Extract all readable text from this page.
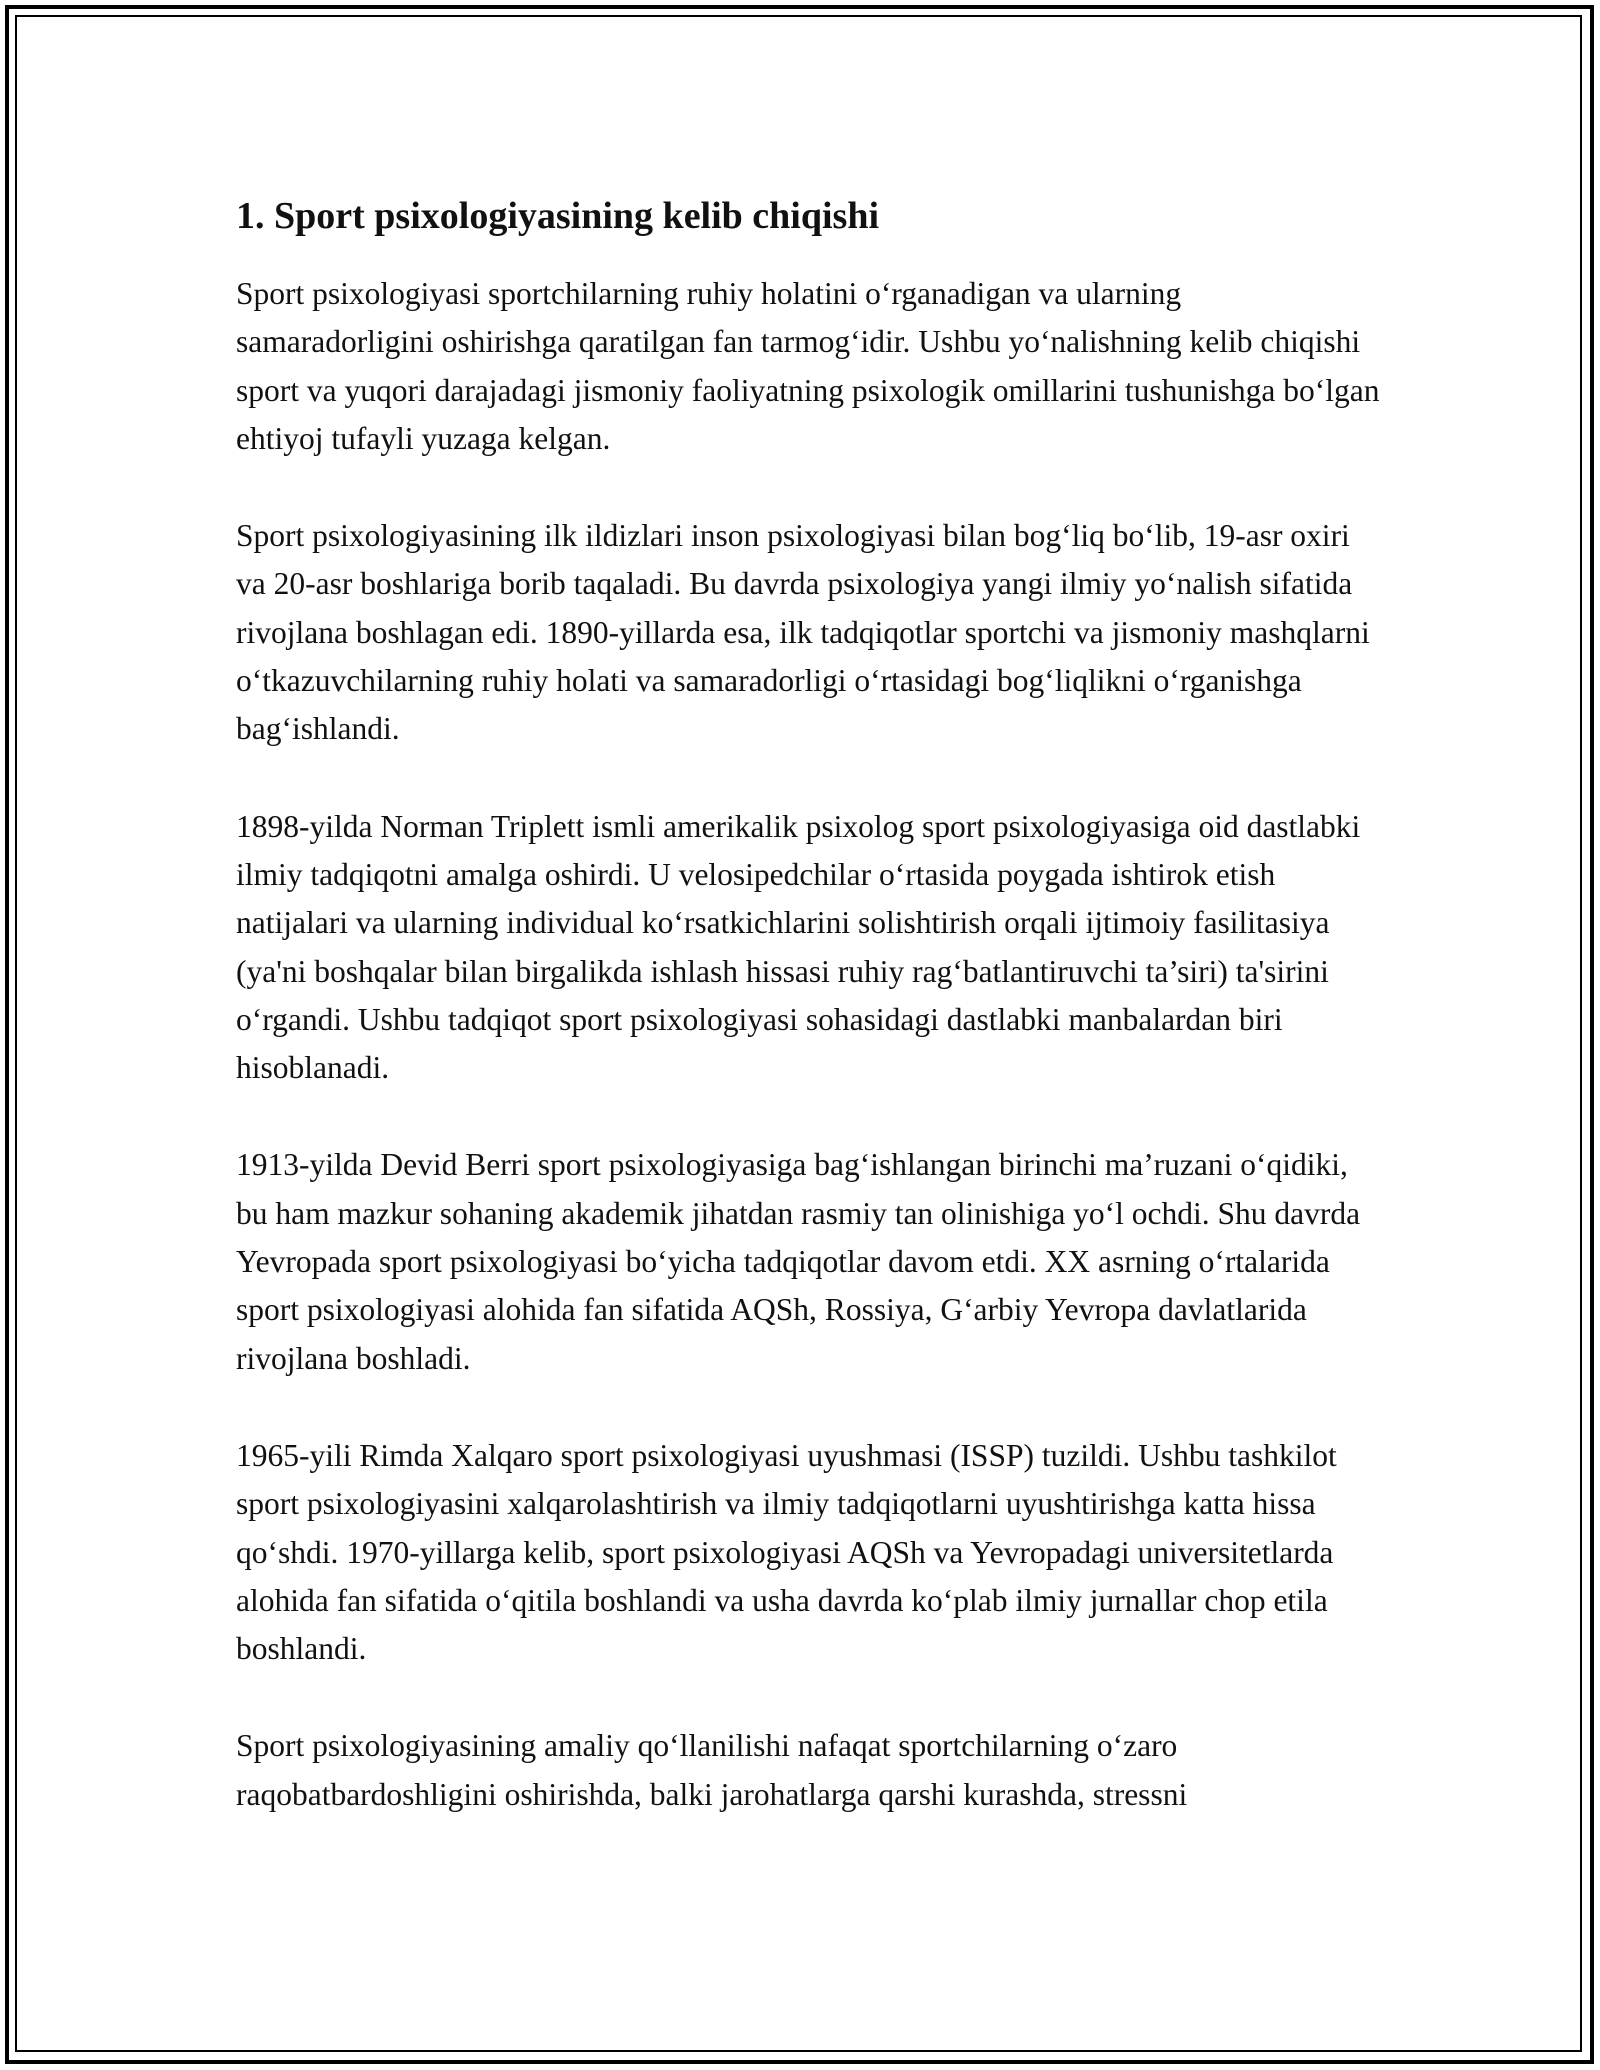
1. Sport psixologiyasining kelib chiqishi

Sport psixologiyasi sportchilarning ruhiy holatini o‘rganadigan va ularning samaradorligini oshirishga qaratilgan fan tarmog‘idir. Ushbu yo‘nalishning kelib chiqishi sport va yuqori darajadagi jismoniy faoliyatning psixologik omillarini tushunishga bo‘lgan ehtiyoj tufayli yuzaga kelgan.

Sport psixologiyasining ilk ildizlari inson psixologiyasi bilan bog‘liq bo‘lib, 19-asr oxiri va 20-asr boshlariga borib taqaladi. Bu davrda psixologiya yangi ilmiy yo‘nalish sifatida rivojlana boshlagan edi. 1890-yillarda esa, ilk tadqiqotlar sportchi va jismoniy mashqlarni o‘tkazuvchilarning ruhiy holati va samaradorligi o‘rtasidagi bog‘liqlikni o‘rganishga bag‘ishlandi.

1898-yilda Norman Triplett ismli amerikalik psixolog sport psixologiyasiga oid dastlabki ilmiy tadqiqotni amalga oshirdi. U velosipedchilar o‘rtasida poygada ishtirok etish natijalari va ularning individual ko‘rsatkichlarini solishtirish orqali ijtimoiy fasilitasiya (ya'ni boshqalar bilan birgalikda ishlash hissasi ruhiy rag‘batlantiruvchi ta’siri) ta'sirini o‘rgandi. Ushbu tadqiqot sport psixologiyasi sohasidagi dastlabki manbalardan biri hisoblanadi.

1913-yilda Devid Berri sport psixologiyasiga bag‘ishlangan birinchi ma’ruzani o‘qidiki, bu ham mazkur sohaning akademik jihatdan rasmiy tan olinishiga yo‘l ochdi. Shu davrda Yevropada sport psixologiyasi bo‘yicha tadqiqotlar davom etdi. XX asrning o‘rtalarida sport psixologiyasi alohida fan sifatida AQSh, Rossiya, G‘arbiy Yevropa davlatlarida rivojlana boshladi.

1965-yili Rimda Xalqaro sport psixologiyasi uyushmasi (ISSP) tuzildi. Ushbu tashkilot sport psixologiyasini xalqarolashtirish va ilmiy tadqiqotlarni uyushtirishga katta hissa qo‘shdi. 1970-yillarga kelib, sport psixologiyasi AQSh va Yevropadagi universitetlarda alohida fan sifatida o‘qitila boshlandi va usha davrda ko‘plab ilmiy jurnallar chop etila boshlandi.

Sport psixologiyasining amaliy qo‘llanilishi nafaqat sportchilarning o‘zaro raqobatbardoshligini oshirishda, balki jarohatlarga qarshi kurashda, stressni
